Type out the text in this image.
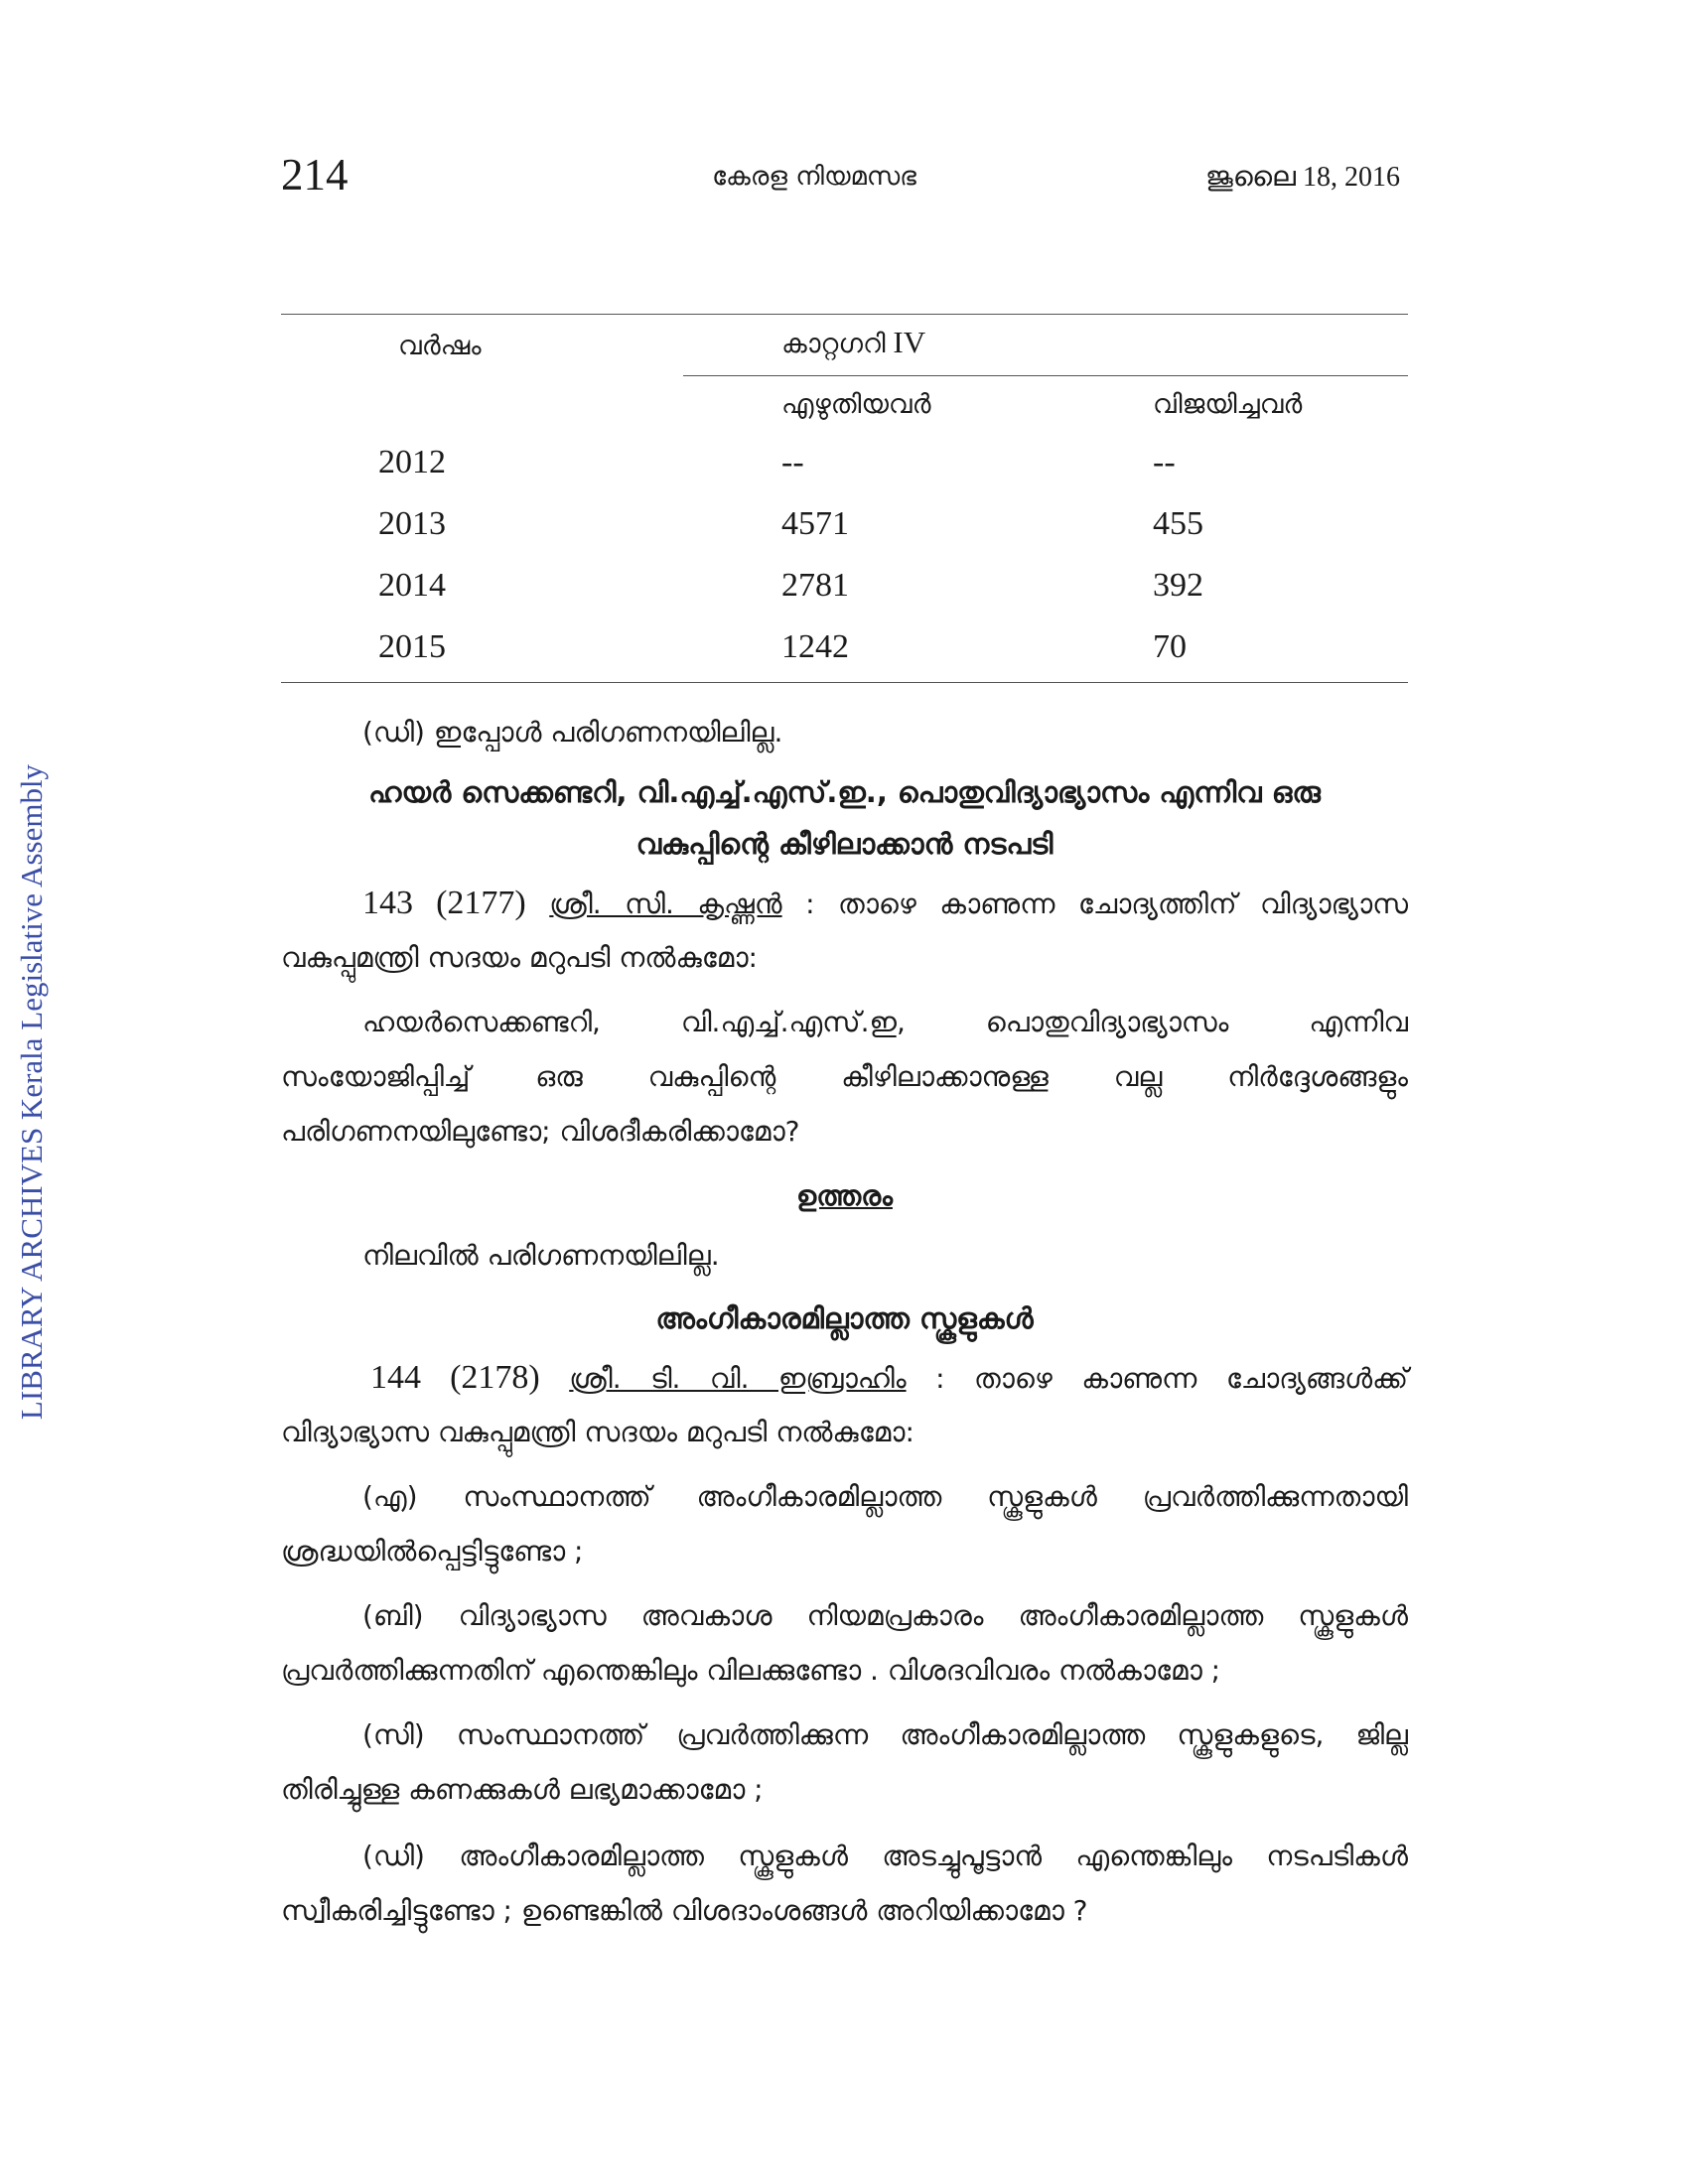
LIBRARY ARCHIVES Kerala Legislative Assembly
214	കേരള നിയമസഭ	ജൂലൈ 18, 2016
വർഷം	കാറ്റഗറി IV
എഴുതിയവർ	വിജയിച്ചവർ
2012	--	--
2013	4571	455
2014	2781	392
2015	1242	70
(ഡി) ഇപ്പോൾ പരിഗണനയിലില്ല.
ഹയർ സെക്കണ്ടറി, വി.എച്ച്.എസ്.ഇ., പൊതുവിദ്യാഭ്യാസം എന്നിവ ഒരു
വകുപ്പിന്റെ കീഴിലാക്കാൻ നടപടി
143 (2177) ശ്രീ. സി. കൃഷ്ണൻ : താഴെ കാണുന്ന ചോദ്യത്തിന് വിദ്യാഭ്യാസ
വകുപ്പുമന്ത്രി സദയം മറുപടി നൽകുമോ:
ഹയർസെക്കണ്ടറി, വി.എച്ച്.എസ്.ഇ, പൊതുവിദ്യാഭ്യാസം എന്നിവ
സംയോജിപ്പിച്ച് ഒരു വകുപ്പിന്റെ കീഴിലാക്കാനുള്ള വല്ല നിർദ്ദേശങ്ങളും
പരിഗണനയിലുണ്ടോ; വിശദീകരിക്കാമോ?
ഉത്തരം
നിലവിൽ പരിഗണനയിലില്ല.
അംഗീകാരമില്ലാത്ത സ്കൂളുകൾ
144 (2178) ശ്രീ. ടി. വി. ഇബ്രാഹിം : താഴെ കാണുന്ന ചോദ്യങ്ങൾക്ക്
വിദ്യാഭ്യാസ വകുപ്പുമന്ത്രി സദയം മറുപടി നൽകുമോ:
(എ) സംസ്ഥാനത്ത് അംഗീകാരമില്ലാത്ത സ്കൂളുകൾ പ്രവർത്തിക്കുന്നതായി
ശ്രദ്ധയിൽപ്പെട്ടിട്ടുണ്ടോ ;
(ബി) വിദ്യാഭ്യാസ അവകാശ നിയമപ്രകാരം അംഗീകാരമില്ലാത്ത സ്കൂളുകൾ
പ്രവർത്തിക്കുന്നതിന് എന്തെങ്കിലും വിലക്കുണ്ടോ . വിശദവിവരം നൽകാമോ ;
(സി) സംസ്ഥാനത്ത് പ്രവർത്തിക്കുന്ന അംഗീകാരമില്ലാത്ത സ്കൂളുകളുടെ, ജില്ല
തിരിച്ചുള്ള കണക്കുകൾ ലഭ്യമാക്കാമോ ;
(ഡി) അംഗീകാരമില്ലാത്ത സ്കൂളുകൾ അടച്ചുപൂട്ടാൻ എന്തെങ്കിലും നടപടികൾ
സ്വീകരിച്ചിട്ടുണ്ടോ ; ഉണ്ടെങ്കിൽ വിശദാംശങ്ങൾ അറിയിക്കാമോ ?
